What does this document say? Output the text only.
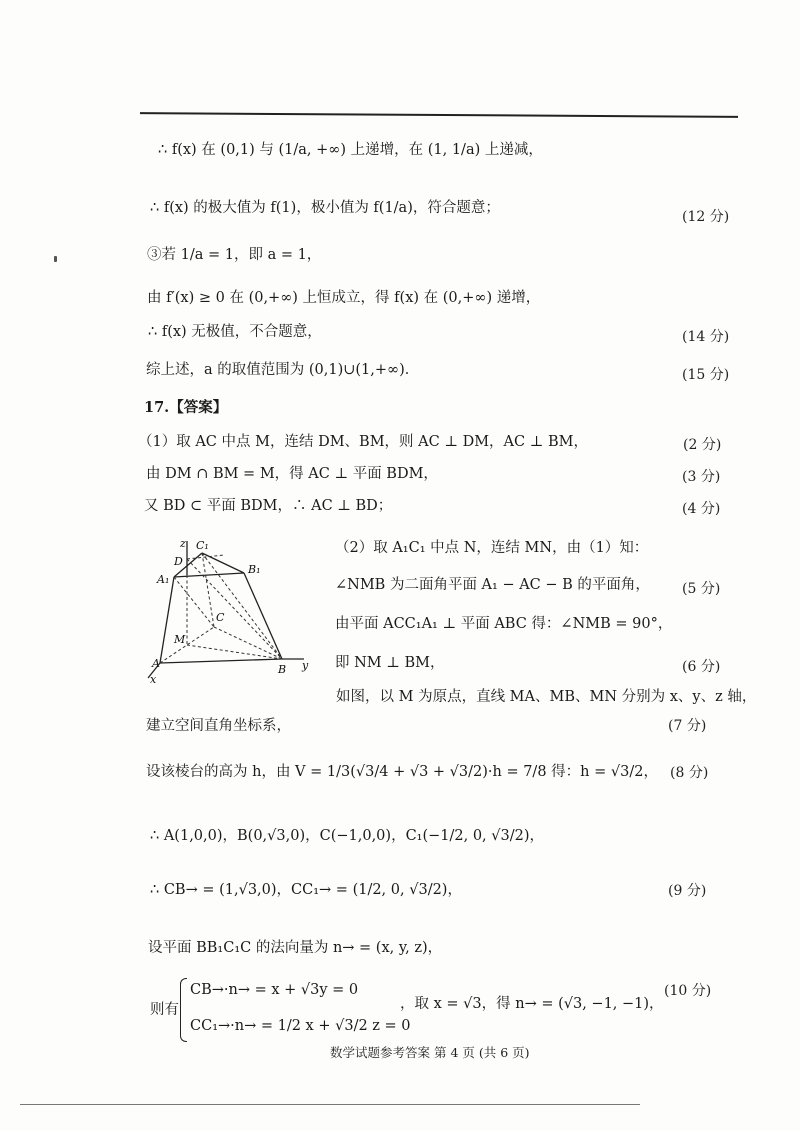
∴ f(x) 在 (0,1) 与 (1/a, +∞) 上递增，在 (1, 1/a) 上递减，
∴ f(x) 的极大值为 f(1)，极小值为 f(1/a)，符合题意；
(12 分)
③若 1/a = 1，即 a = 1，
由 f′(x) ≥ 0 在 (0,+∞) 上恒成立，得 f(x) 在 (0,+∞) 递增，
∴ f(x) 无极值，不合题意，	(14 分)
综上述，a 的取值范围为 (0,1)∪(1,+∞)．	(15 分)
17.【答案】
（1）取 AC 中点 M，连结 DM、BM，则 AC ⊥ DM，AC ⊥ BM，	(2 分)
由 DM ∩ BM = M，得 AC ⊥ 平面 BDM，	(3 分)
又 BD ⊂ 平面 BDM，∴ AC ⊥ BD；	(4 分)
z C₁
D
B₁
A₁
C
M
A	B y
x
（2）取 A₁C₁ 中点 N，连结 MN，由（1）知：
∠NMB 为二面角平面 A₁ − AC − B 的平面角， (5 分)
由平面 ACC₁A₁ ⊥ 平面 ABC 得：∠NMB = 90°，
即 NM ⊥ BM，	(6 分)
如图，以 M 为原点，直线 MA、MB、MN 分别为 x、y、z 轴，
建立空间直角坐标系，	(7 分)
设该棱台的高为 h，由 V = 1/3(√3/4 + √3 + √3/2)·h = 7/8 得：h = √3/2， (8 分)
∴ A(1,0,0)，B(0,√3,0)，C(−1,0,0)，C₁(−1/2, 0, √3/2)，
∴ CB→ = (1,√3,0)，CC₁→ = (1/2, 0, √3/2)，	(9 分)
设平面 BB₁C₁C 的法向量为 n→ = (x, y, z)，
则有
CB→·n→ = x + √3y = 0
CC₁→·n→ = 1/2 x + √3/2 z = 0
，取 x = √3，得 n→ = (√3, −1, −1)，
(10 分)
数学试题参考答案 第 4 页 (共 6 页)
